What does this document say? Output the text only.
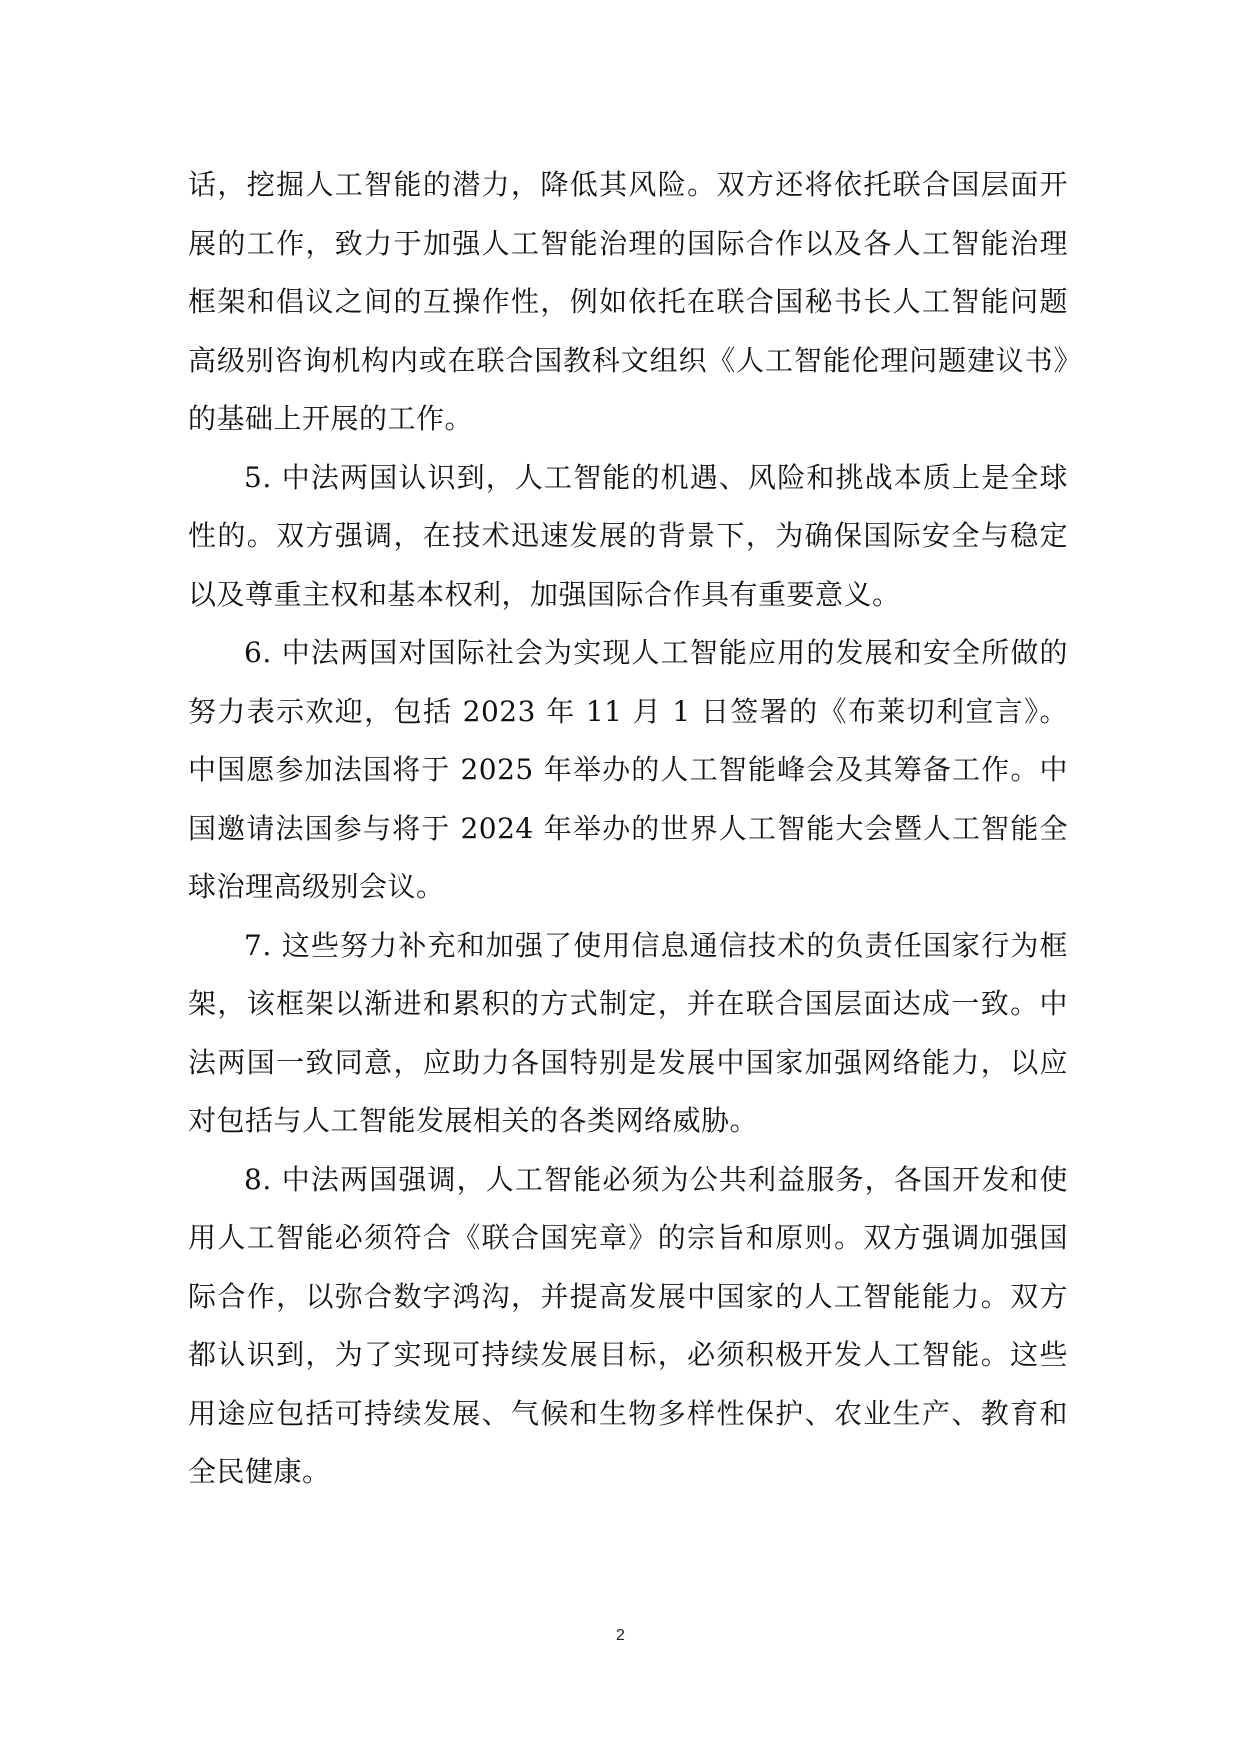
话，挖掘人工智能的潜力，降低其风险。双方还将依托联合国层面开展的工作，致力于加强人工智能治理的国际合作以及各人工智能治理框架和倡议之间的互操作性，例如依托在联合国秘书长人工智能问题高级别咨询机构内或在联合国教科文组织《人工智能伦理问题建议书》的基础上开展的工作。

5. 中法两国认识到，人工智能的机遇、风险和挑战本质上是全球性的。双方强调，在技术迅速发展的背景下，为确保国际安全与稳定以及尊重主权和基本权利，加强国际合作具有重要意义。

6. 中法两国对国际社会为实现人工智能应用的发展和安全所做的努力表示欢迎，包括 2023 年 11 月 1 日签署的《布莱切利宣言》。中国愿参加法国将于 2025 年举办的人工智能峰会及其筹备工作。中国邀请法国参与将于 2024 年举办的世界人工智能大会暨人工智能全球治理高级别会议。

7. 这些努力补充和加强了使用信息通信技术的负责任国家行为框架，该框架以渐进和累积的方式制定，并在联合国层面达成一致。中法两国一致同意，应助力各国特别是发展中国家加强网络能力，以应对包括与人工智能发展相关的各类网络威胁。

8. 中法两国强调，人工智能必须为公共利益服务，各国开发和使用人工智能必须符合《联合国宪章》的宗旨和原则。双方强调加强国际合作，以弥合数字鸿沟，并提高发展中国家的人工智能能力。双方都认识到，为了实现可持续发展目标，必须积极开发人工智能。这些用途应包括可持续发展、气候和生物多样性保护、农业生产、教育和全民健康。

2
